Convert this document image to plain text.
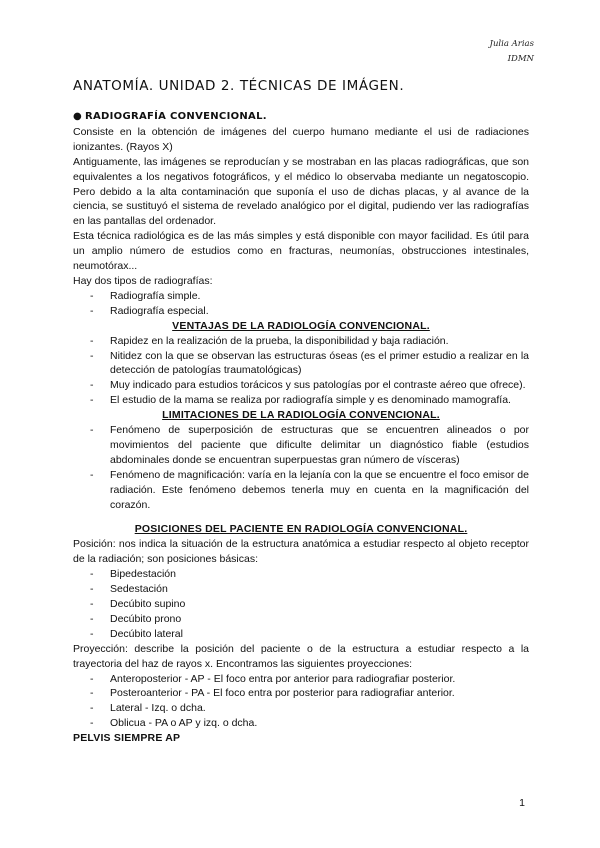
Julia Arias
IDMN
ANATOMÍA. UNIDAD 2. TÉCNICAS DE IMÁGEN.

● RADIOGRAFÍA CONVENCIONAL.

Consiste en la obtención de imágenes del cuerpo humano mediante el usi de radiaciones ionizantes. (Rayos X)

Antiguamente, las imágenes se reproducían y se mostraban en las placas radiográficas, que son equivalentes a los negativos fotográficos, y el médico lo observaba mediante un negatoscopio. Pero debido a la alta contaminación que suponía el uso de dichas placas, y al avance de la ciencia, se sustituyó el sistema de revelado analógico por el digital, pudiendo ver las radiografías en las pantallas del ordenador.

Esta técnica radiológica es de las más simples y está disponible con mayor facilidad. Es útil para un amplio número de estudios como en fracturas, neumonías, obstrucciones intestinales, neumotórax...

Hay dos tipos de radiografías:

- Radiografía simple.
- Radiografía especial.

VENTAJAS DE LA RADIOLOGÍA CONVENCIONAL.

- Rapidez en la realización de la prueba, la disponibilidad y baja radiación.
- Nitidez con la que se observan las estructuras óseas (es el primer estudio a realizar en la detección de patologías traumatológicas)
- Muy indicado para estudios torácicos y sus patologías por el contraste aéreo que ofrece).
- El estudio de la mama se realiza por radiografía simple y es denominado mamografía.

LIMITACIONES DE LA RADIOLOGÍA CONVENCIONAL.

- Fenómeno de superposición de estructuras que se encuentren alineados o por movimientos del paciente que dificulte delimitar un diagnóstico fiable (estudios abdominales donde se encuentran superpuestas gran número de vísceras)
- Fenómeno de magnificación: varía en la lejanía con la que se encuentre el foco emisor de radiación. Este fenómeno debemos tenerla muy en cuenta en la magnificación del corazón.

POSICIONES DEL PACIENTE EN RADIOLOGÍA CONVENCIONAL.

Posición: nos indica la situación de la estructura anatómica a estudiar respecto al objeto receptor de la radiación; son posiciones básicas:

- Bipedestación
- Sedestación
- Decúbito supino
- Decúbito prono
- Decúbito lateral

Proyección: describe la posición del paciente o de la estructura a estudiar respecto a la trayectoria del haz de rayos x. Encontramos las siguientes proyecciones:

- Anteroposterior - AP - El foco entra por anterior para radiografiar posterior.
- Posteroanterior - PA - El foco entra por posterior para radiografiar anterior.
- Lateral - Izq. o dcha.
- Oblicua - PA o AP y izq. o dcha.

PELVIS SIEMPRE AP

1
